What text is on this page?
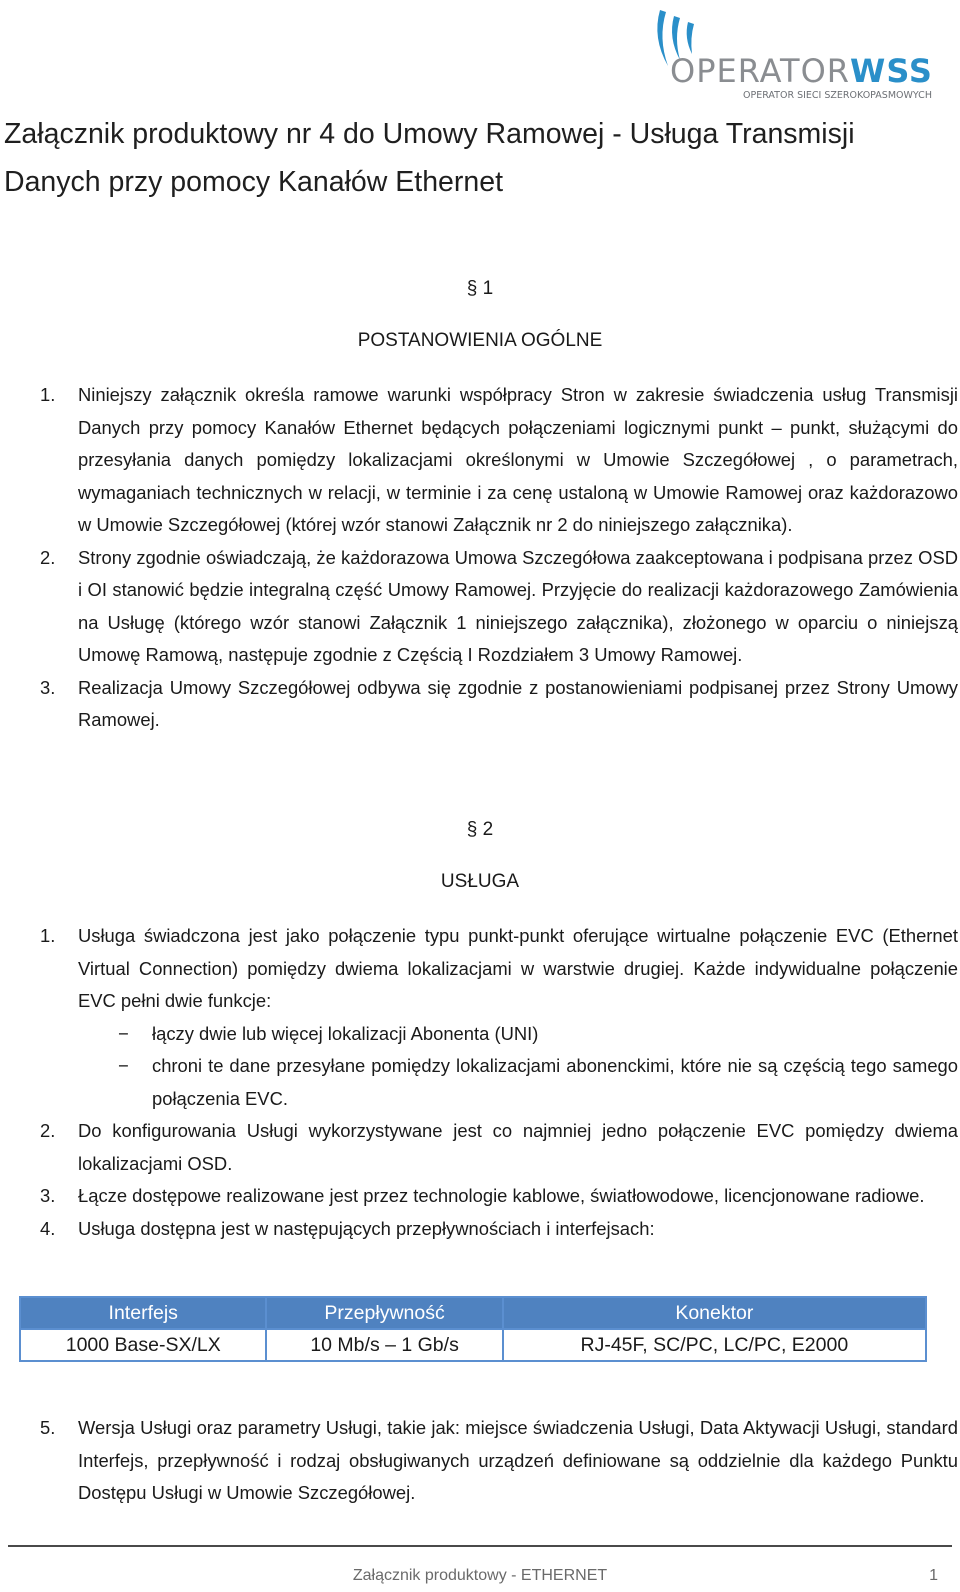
OPERATORWSS
OPERATOR SIECI SZEROKOPASMOWYCH
Załącznik produktowy nr 4 do Umowy Ramowej - Usługa Transmisji Danych przy pomocy Kanałów Ethernet
§ 1
POSTANOWIENIA OGÓLNE
1. Niniejszy załącznik określa ramowe warunki współpracy Stron w zakresie świadczenia usług Transmisji Danych przy pomocy Kanałów Ethernet będących połączeniami logicznymi punkt – punkt, służącymi do przesyłania danych pomiędzy lokalizacjami określonymi w Umowie Szczegółowej , o parametrach, wymaganiach technicznych w relacji, w terminie i za cenę ustaloną w Umowie Ramowej oraz każdorazowo w Umowie Szczegółowej (której wzór stanowi Załącznik nr 2 do niniejszego załącznika).
2. Strony zgodnie oświadczają, że każdorazowa Umowa Szczegółowa zaakceptowana i podpisana przez OSD i OI stanowić będzie integralną część Umowy Ramowej. Przyjęcie do realizacji każdorazowego Zamówienia na Usługę (którego wzór stanowi Załącznik 1 niniejszego załącznika), złożonego w oparciu o niniejszą Umowę Ramową, następuje zgodnie z Częścią I Rozdziałem 3 Umowy Ramowej.
3. Realizacja Umowy Szczegółowej odbywa się zgodnie z postanowieniami podpisanej przez Strony Umowy Ramowej.
§ 2
USŁUGA
1. Usługa świadczona jest jako połączenie typu punkt-punkt oferujące wirtualne połączenie EVC (Ethernet Virtual Connection) pomiędzy dwiema lokalizacjami w warstwie drugiej. Każde indywidualne połączenie EVC pełni dwie funkcje:
− łączy dwie lub więcej lokalizacji Abonenta (UNI)
− chroni te dane przesyłane pomiędzy lokalizacjami abonenckimi, które nie są częścią tego samego połączenia EVC.
2. Do konfigurowania Usługi wykorzystywane jest co najmniej jedno połączenie EVC pomiędzy dwiema lokalizacjami OSD.
3. Łącze dostępowe realizowane jest przez technologie kablowe, światłowodowe, licencjonowane radiowe.
4. Usługa dostępna jest w następujących przepływnościach i interfejsach:
Interfejs	Przepływność	Konektor
1000 Base-SX/LX	10 Mb/s – 1 Gb/s	RJ-45F, SC/PC, LC/PC, E2000
5. Wersja Usługi oraz parametry Usługi, takie jak: miejsce świadczenia Usługi, Data Aktywacji Usługi, standard Interfejs, przepływność i rodzaj obsługiwanych urządzeń definiowane są oddzielnie dla każdego Punktu Dostępu Usługi w Umowie Szczegółowej.
Załącznik produktowy - ETHERNET	1
